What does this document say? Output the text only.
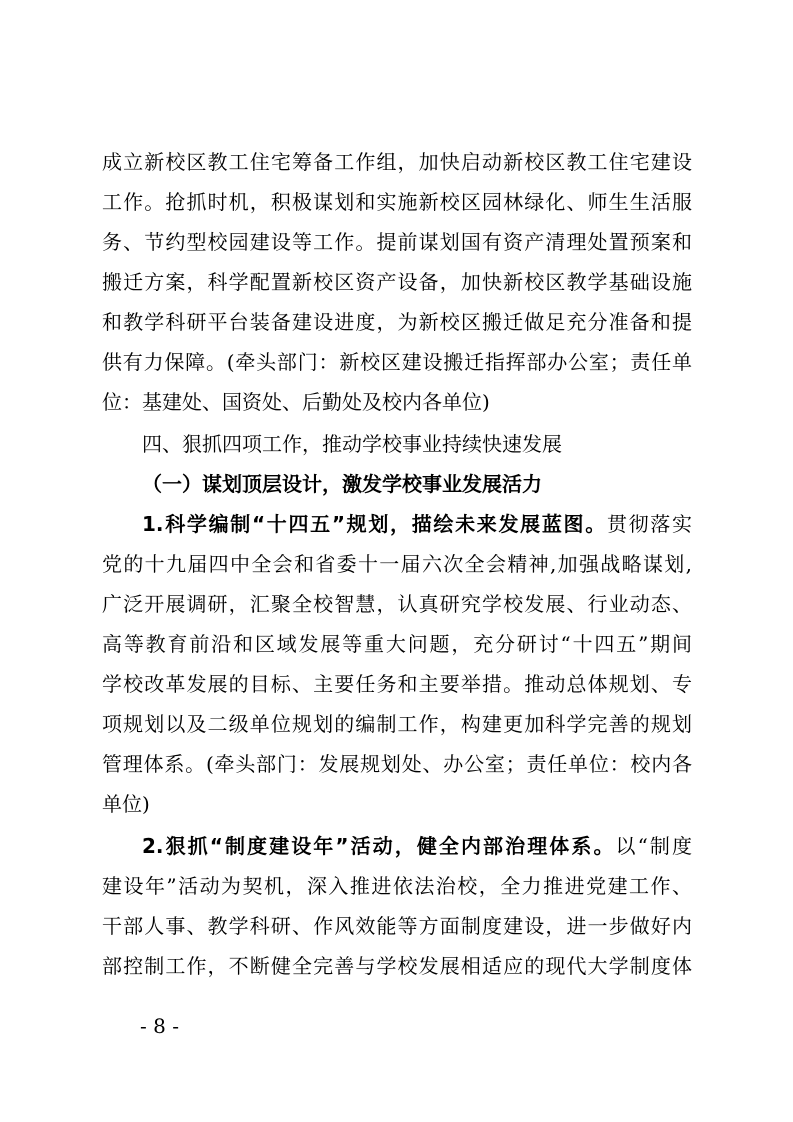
成立新校区教工住宅筹备工作组，加快启动新校区教工住宅建设
工作。抢抓时机，积极谋划和实施新校区园林绿化、师生生活服
务、节约型校园建设等工作。提前谋划国有资产清理处置预案和
搬迁方案，科学配置新校区资产设备，加快新校区教学基础设施
和教学科研平台装备建设进度，为新校区搬迁做足充分准备和提
供有力保障。(牵头部门：新校区建设搬迁指挥部办公室；责任单
位：基建处、国资处、后勤处及校内各单位)
四、狠抓四项工作，推动学校事业持续快速发展
（一）谋划顶层设计，激发学校事业发展活力
1.科学编制“十四五”规划，描绘未来发展蓝图。贯彻落实
党的十九届四中全会和省委十一届六次全会精神,加强战略谋划,
广泛开展调研，汇聚全校智慧，认真研究学校发展、行业动态、
高等教育前沿和区域发展等重大问题，充分研讨“十四五”期间
学校改革发展的目标、主要任务和主要举措。推动总体规划、专
项规划以及二级单位规划的编制工作，构建更加科学完善的规划
管理体系。(牵头部门：发展规划处、办公室；责任单位：校内各
单位)
2.狠抓“制度建设年”活动，健全内部治理体系。以“制度
建设年”活动为契机，深入推进依法治校，全力推进党建工作、
干部人事、教学科研、作风效能等方面制度建设，进一步做好内
部控制工作，不断健全完善与学校发展相适应的现代大学制度体
- 8 -
